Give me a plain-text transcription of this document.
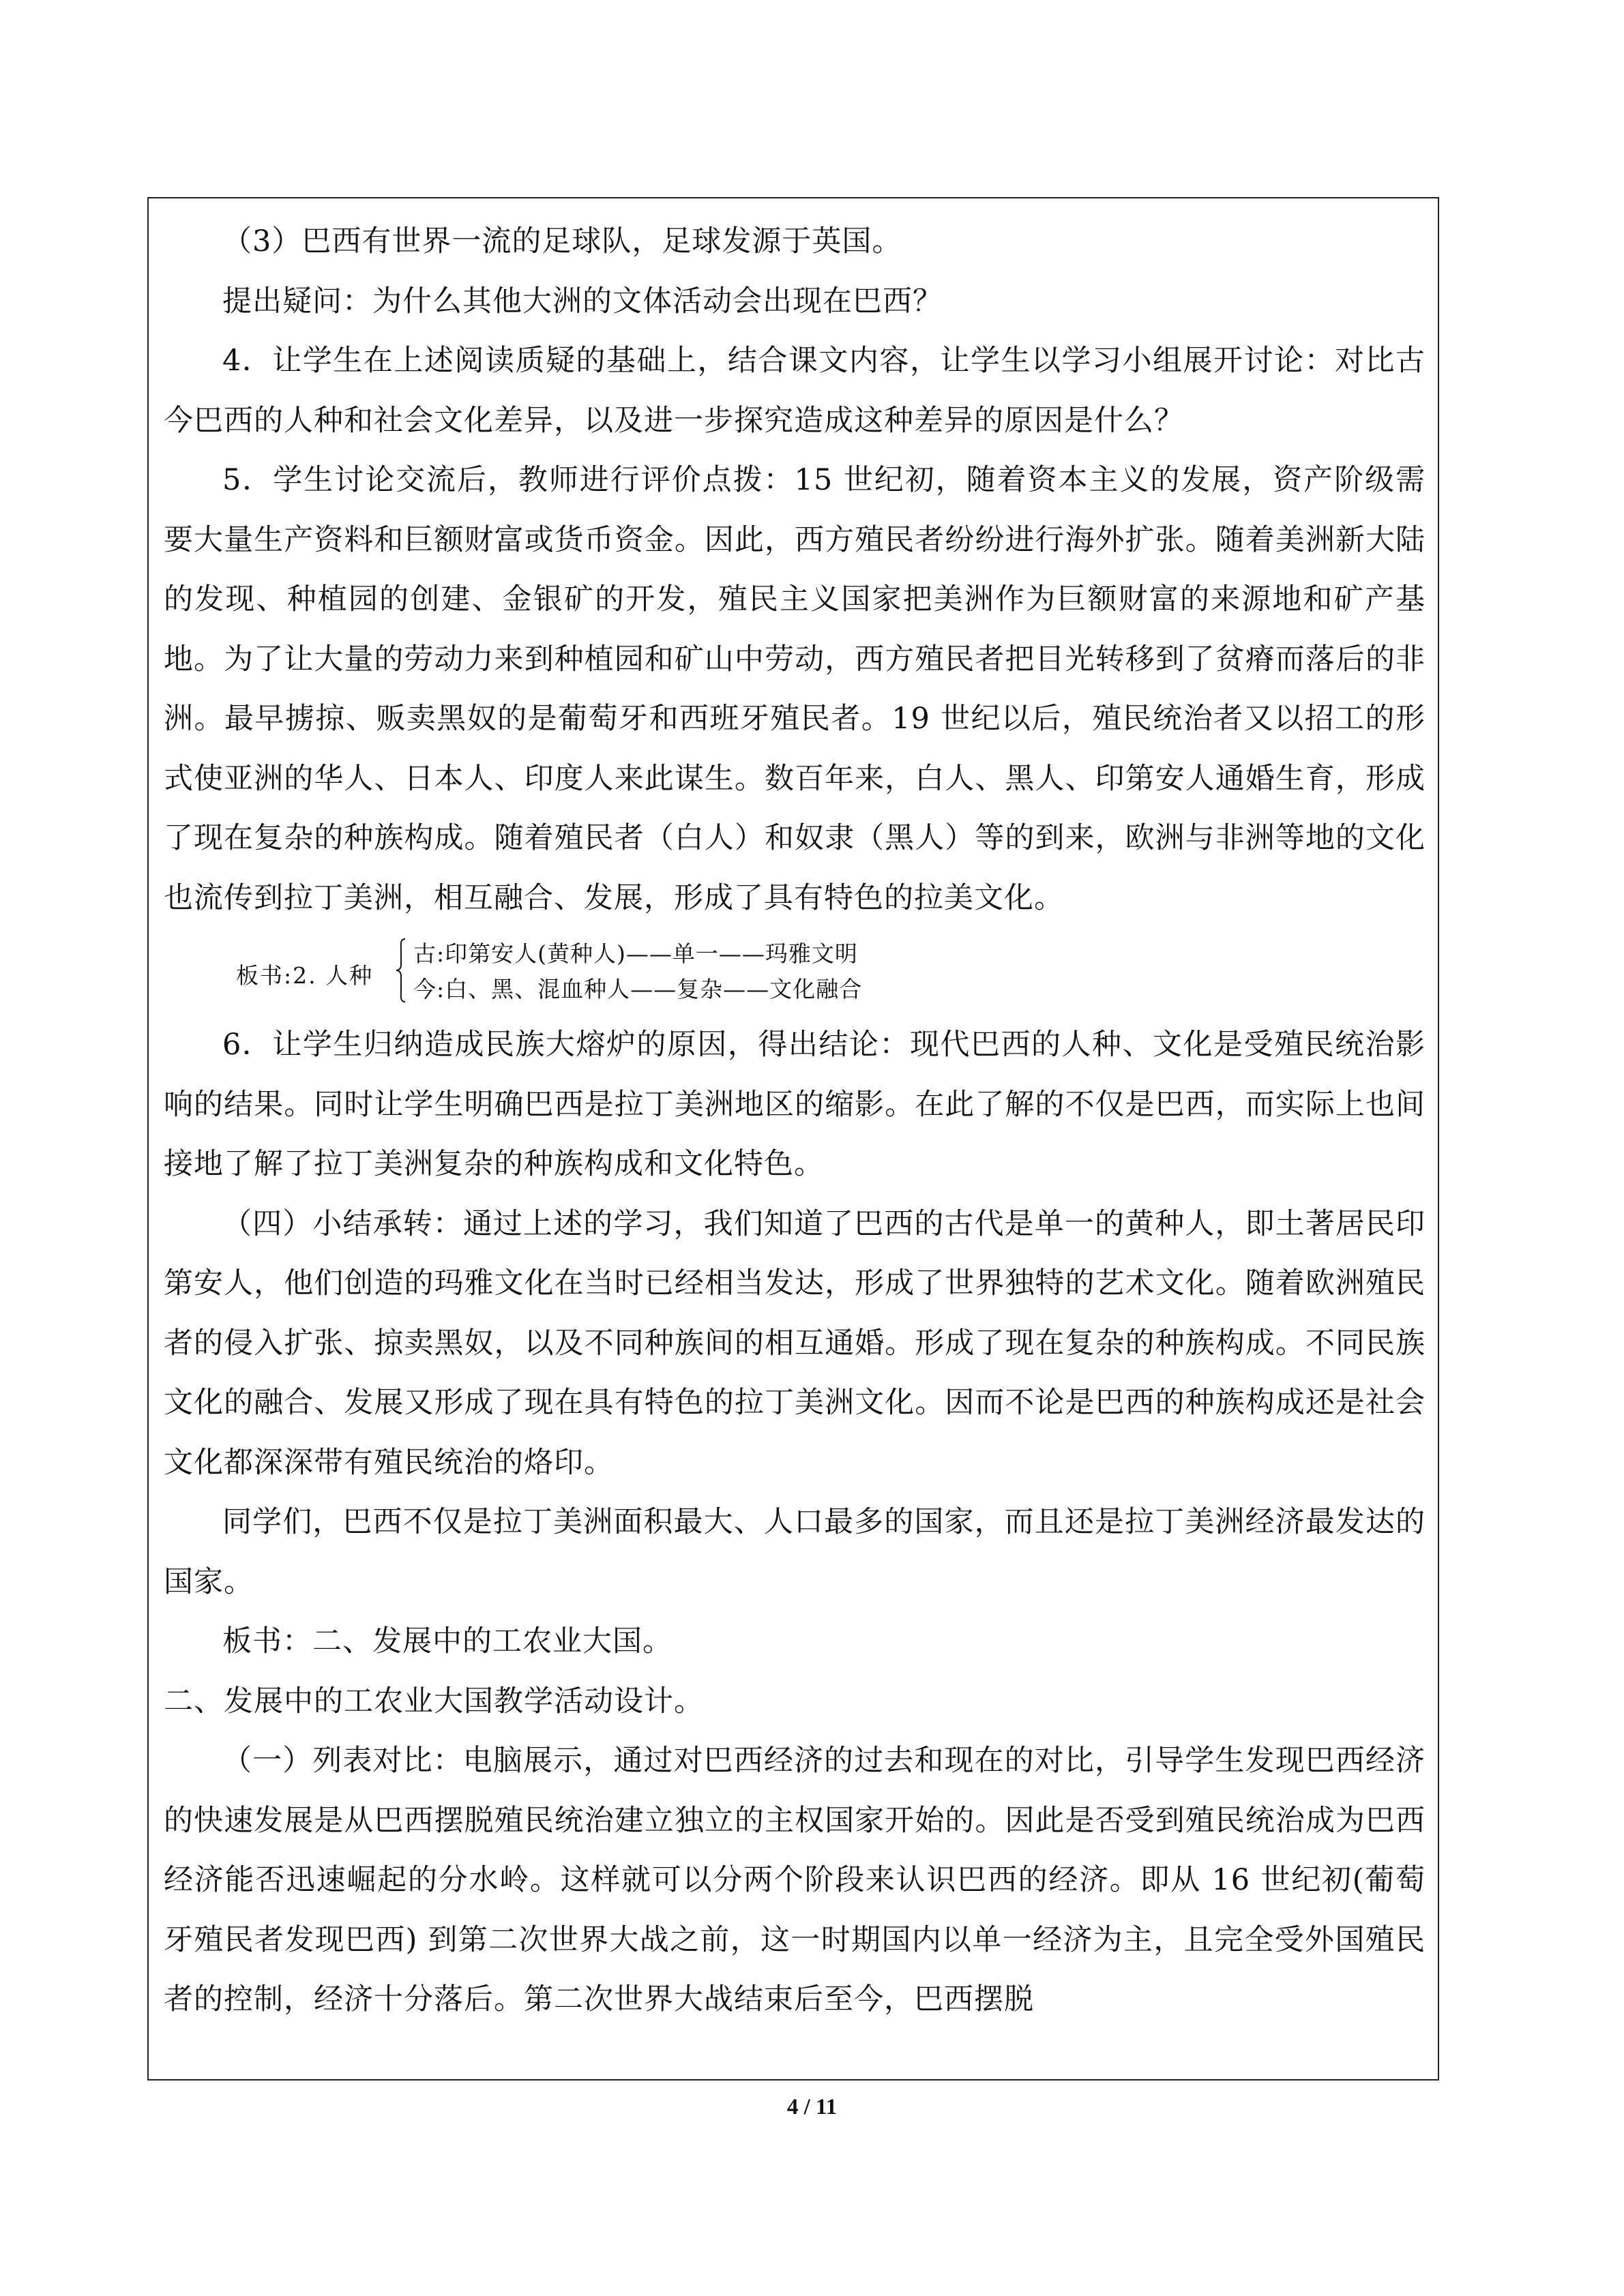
（3）巴西有世界一流的足球队，足球发源于英国。

提出疑问：为什么其他大洲的文体活动会出现在巴西？

4．让学生在上述阅读质疑的基础上，结合课文内容，让学生以学习小组展开讨论：对比古今巴西的人种和社会文化差异，以及进一步探究造成这种差异的原因是什么？

5．学生讨论交流后，教师进行评价点拨：15 世纪初，随着资本主义的发展，资产阶级需要大量生产资料和巨额财富或货币资金。因此，西方殖民者纷纷进行海外扩张。随着美洲新大陆的发现、种植园的创建、金银矿的开发，殖民主义国家把美洲作为巨额财富的来源地和矿产基地。为了让大量的劳动力来到种植园和矿山中劳动，西方殖民者把目光转移到了贫瘠而落后的非洲。最早掳掠、贩卖黑奴的是葡萄牙和西班牙殖民者。19 世纪以后，殖民统治者又以招工的形式使亚洲的华人、日本人、印度人来此谋生。数百年来，白人、黑人、印第安人通婚生育，形成了现在复杂的种族构成。随着殖民者（白人）和奴隶（黑人）等的到来，欧洲与非洲等地的文化也流传到拉丁美洲，相互融合、发展，形成了具有特色的拉美文化。

板书:2. 人种
古:印第安人(黄种人)——单一——玛雅文明
今:白、黑、混血种人——复杂——文化融合

6．让学生归纳造成民族大熔炉的原因，得出结论：现代巴西的人种、文化是受殖民统治影响的结果。同时让学生明确巴西是拉丁美洲地区的缩影。在此了解的不仅是巴西，而实际上也间接地了解了拉丁美洲复杂的种族构成和文化特色。

（四）小结承转：通过上述的学习，我们知道了巴西的古代是单一的黄种人，即土著居民印第安人，他们创造的玛雅文化在当时已经相当发达，形成了世界独特的艺术文化。随着欧洲殖民者的侵入扩张、掠卖黑奴，以及不同种族间的相互通婚。形成了现在复杂的种族构成。不同民族文化的融合、发展又形成了现在具有特色的拉丁美洲文化。因而不论是巴西的种族构成还是社会文化都深深带有殖民统治的烙印。

同学们，巴西不仅是拉丁美洲面积最大、人口最多的国家，而且还是拉丁美洲经济最发达的国家。

板书：二、发展中的工农业大国。

二、发展中的工农业大国教学活动设计。

（一）列表对比：电脑展示，通过对巴西经济的过去和现在的对比，引导学生发现巴西经济的快速发展是从巴西摆脱殖民统治建立独立的主权国家开始的。因此是否受到殖民统治成为巴西经济能否迅速崛起的分水岭。这样就可以分两个阶段来认识巴西的经济。即从 16 世纪初(葡萄牙殖民者发现巴西) 到第二次世界大战之前，这一时期国内以单一经济为主，且完全受外国殖民者的控制，经济十分落后。第二次世界大战结束后至今，巴西摆脱

4 / 11
